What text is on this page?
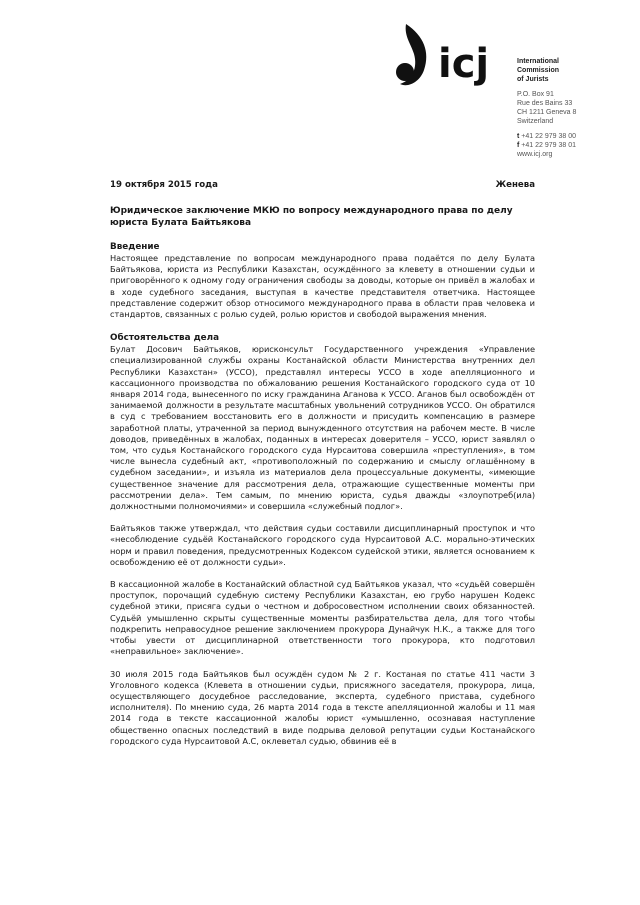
icj	International
Commission
of Jurists
P.O. Box 91
Rue des Bains 33
CH 1211 Geneva 8
Switzerland
t +41 22 979 38 00
f +41 22 979 38 01
www.icj.org
19 октября 2015 года	Женева
Юридическое заключение МКЮ по вопросу международного права по делу юриста Булата Байтьякова
Введение

Настоящее представление по вопросам международного права подаётся по делу Булата Байтьякова, юриста из Республики Казахстан, осуждённого за клевету в отношении судьи и приговорённого к одному году ограничения свободы за доводы, которые он привёл в жалобах и в ходе судебного заседания, выступая в качестве представителя ответчика. Настоящее представление содержит обзор относимого международного права в области прав человека и стандартов, связанных с ролью судей, ролью юристов и свободой выражения мнения.

Обстоятельства дела

Булат Досович Байтьяков, юрисконсульт Государственного учреждения «Управление специализированной службы охраны Костанайской области Министерства внутренних дел Республики Казахстан» (УССО), представлял интересы УССО в ходе апелляционного и кассационного производства по обжалованию решения Костанайского городского суда от 10 января 2014 года, вынесенного по иску гражданина Аганова к УССО. Аганов был освобождён от занимаемой должности в результате масштабных увольнений сотрудников УССО. Он обратился в суд с требованием восстановить его в должности и присудить компенсацию в размере заработной платы, утраченной за период вынужденного отсутствия на рабочем месте. В числе доводов, приведённых в жалобах, поданных в интересах доверителя – УССО, юрист заявлял о том, что судья Костанайского городского суда Нурсаитова совершила «преступления», в том числе вынесла судебный акт, «противоположный по содержанию и смыслу оглашённому в судебном заседании», и изъяла из материалов дела процессуальные документы, «имеющие существенное значение для рассмотрения дела, отражающие существенные моменты при рассмотрении дела». Тем самым, по мнению юриста, судья дважды «злоупотреб(ила) должностными полномочиями» и совершила «служебный подлог».

Байтьяков также утверждал, что действия судьи составили дисциплинарный проступок и что «несоблюдение судьёй Костанайского городского суда Нурсаитовой А.С. морально-этических норм и правил поведения, предусмотренных Кодексом судейской этики, является основанием к освобождению её от должности судьи».

В кассационной жалобе в Костанайский областной суд Байтьяков указал, что «судьёй совершён проступок, порочащий судебную систему Республики Казахстан, ею грубо нарушен Кодекс судебной этики, присяга судьи о честном и добросовестном исполнении своих обязанностей. Судьёй умышленно скрыты существенные моменты разбирательства дела, для того чтобы подкрепить неправосудное решение заключением прокурора Дунайчук Н.К., а также для того чтобы увести от дисциплинарной ответственности того прокурора, кто подготовил «неправильное» заключение».

30 июля 2015 года Байтьяков был осуждён судом № 2 г. Костаная по статье 411 части 3 Уголовного кодекса (Клевета в отношении судьи, присяжного заседателя, прокурора, лица, осуществляющего досудебное расследование, эксперта, судебного пристава, судебного исполнителя). По мнению суда, 26 марта 2014 года в тексте апелляционной жалобы и 11 мая 2014 года в тексте кассационной жалобы юрист «умышленно, осознавая наступление общественно опасных последствий в виде подрыва деловой репутации судьи Костанайского городского суда Нурсаитовой А.С, оклеветал судью, обвинив её в
